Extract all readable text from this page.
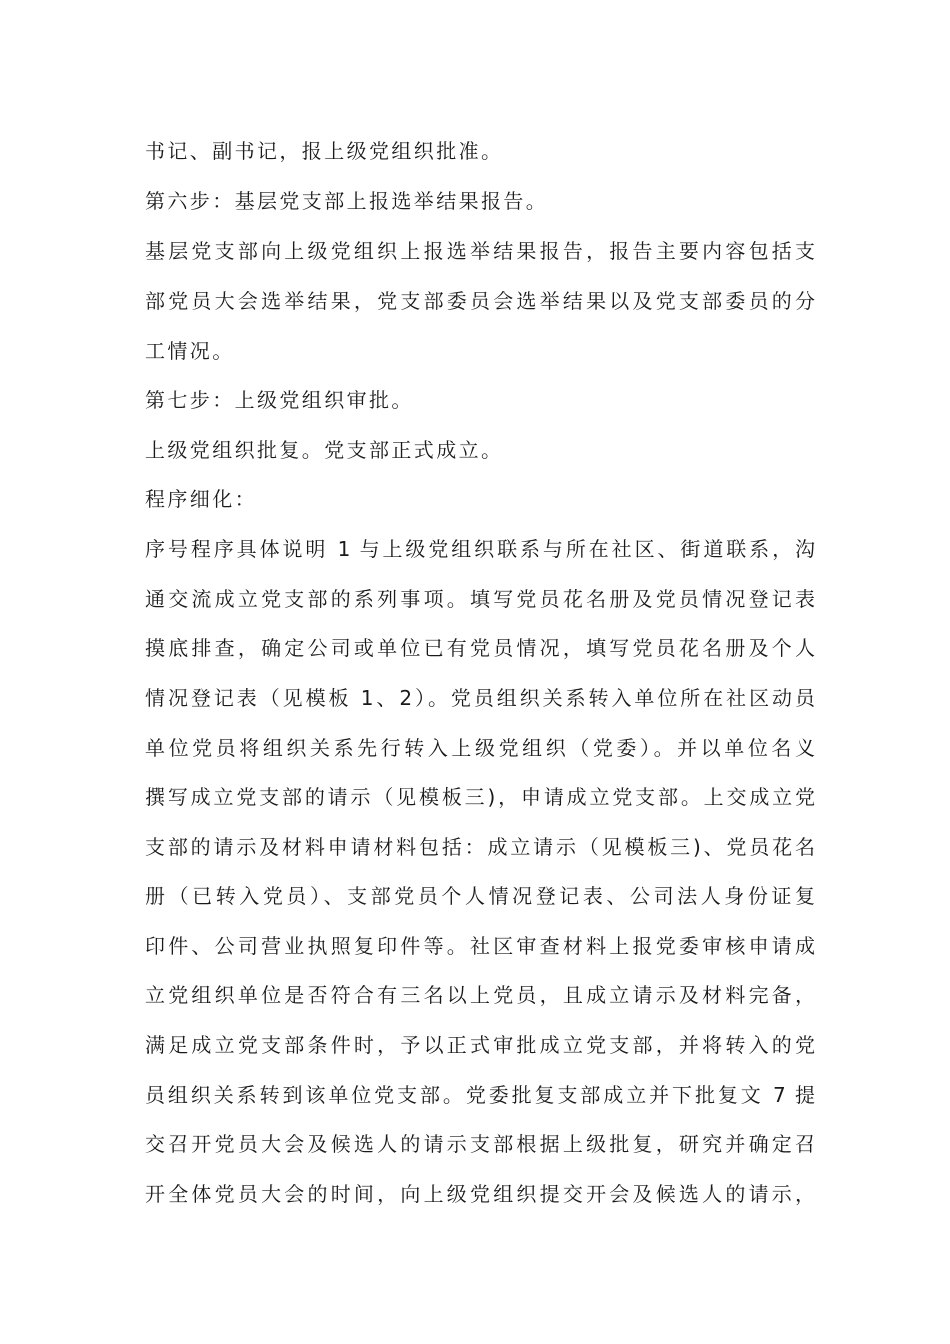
书记、副书记，报上级党组织批准。
第六步：基层党支部上报选举结果报告。
基层党支部向上级党组织上报选举结果报告，报告主要内容包括支
部党员大会选举结果，党支部委员会选举结果以及党支部委员的分
工情况。
第七步：上级党组织审批。
上级党组织批复。党支部正式成立。
程序细化：
序号程序具体说明 1 与上级党组织联系与所在社区、街道联系，沟
通交流成立党支部的系列事项。填写党员花名册及党员情况登记表
摸底排查，确定公司或单位已有党员情况，填写党员花名册及个人
情况登记表（见模板 1、2）。党员组织关系转入单位所在社区动员
单位党员将组织关系先行转入上级党组织（党委）。并以单位名义
撰写成立党支部的请示（见模板三)，申请成立党支部。上交成立党
支部的请示及材料申请材料包括：成立请示（见模板三)、党员花名
册（已转入党员）、支部党员个人情况登记表、公司法人身份证复
印件、公司营业执照复印件等。社区审查材料上报党委审核申请成
立党组织单位是否符合有三名以上党员，且成立请示及材料完备，
满足成立党支部条件时，予以正式审批成立党支部，并将转入的党
员组织关系转到该单位党支部。党委批复支部成立并下批复文 7 提
交召开党员大会及候选人的请示支部根据上级批复，研究并确定召
开全体党员大会的时间，向上级党组织提交开会及候选人的请示，
